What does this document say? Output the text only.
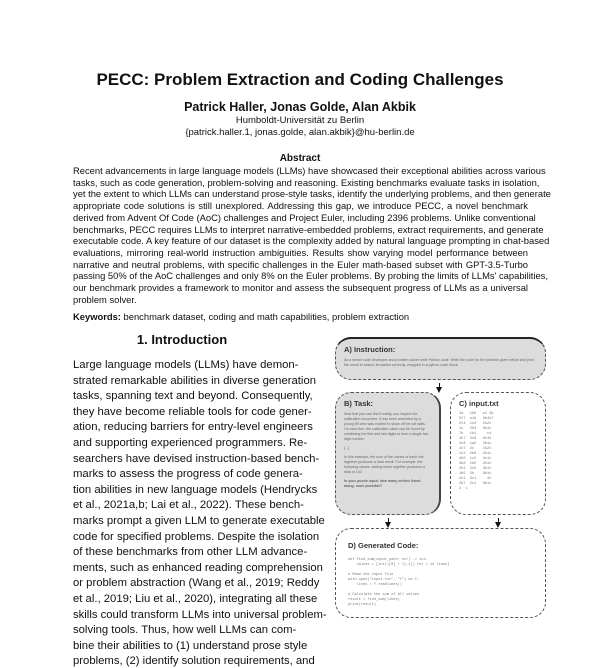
PECC: Problem Extraction and Coding Challenges
Patrick Haller, Jonas Golde, Alan Akbik
Humboldt-Universität zu Berlin
{patrick.haller.1, jonas.golde, alan.akbik}@hu-berlin.de
Abstract
Recent advancements in large language models (LLMs) have showcased their exceptional abilities across various
tasks, such as code generation, problem-solving and reasoning. Existing benchmarks evaluate tasks in isolation,
yet the extent to which LLMs can understand prose-style tasks, identify the underlying problems, and then generate
appropriate code solutions is still unexplored. Addressing this gap, we introduce PECC, a novel benchmark
derived from Advent Of Code (AoC) challenges and Project Euler, including 2396 problems. Unlike conventional
benchmarks, PECC requires LLMs to interpret narrative-embedded problems, extract requirements, and generate
executable code. A key feature of our dataset is the complexity added by natural language prompting in chat-based
evaluations, mirroring real-world instruction ambiguities. Results show varying model performance between
narrative and neutral problems, with specific challenges in the Euler math-based subset with GPT-3.5-Turbo
passing 50% of the AoC challenges and only 8% on the Euler problems. By probing the limits of LLMs' capabilities,
our benchmark provides a framework to monitor and assess the subsequent progress of LLMs as a universal
problem solver.
Keywords: benchmark dataset, coding and math capabilities, problem extraction
1. Introduction
Large language models (LLMs) have demon-
strated remarkable abilities in diverse generation
tasks, spanning text and beyond. Consequently,
they have become reliable tools for code gener-
ation, reducing barriers for entry-level engineers
and supporting experienced programmers. Re-
searchers have devised instruction-based bench-
marks to assess the progress of code genera-
tion abilities in new language models (Hendrycks
et al., 2021a,b; Lai et al., 2022). These bench-
marks prompt a given LLM to generate executable
code for specified problems. Despite the isolation
of these benchmarks from other LLM advance-
ments, such as enhanced reading comprehension
or problem abstraction (Wang et al., 2019; Reddy
et al., 2019; Liu et al., 2020), integrating all these
skills could transform LLMs into universal problem-
solving tools. Thus, how well LLMs can com-
bine their abilities to (1) understand prose style
problems, (2) identify solution requirements, and
A) Instruction:
As a senior code developer and problem solver write Python code. Write the code for the problem given below and print the result to stdout, formatted correctly, wrapped in a python code block.
B) Task:

Now that you can find it easily, you inspect the calibration document. It has been amended by a young Elf who was excited to show off her art skills. On each line, the calibration value can be found by combining the first and last digits to form a single two-digit number.

[...]

In this example, the sum of the values of each line together produces a total result. For example, the following values: adding these together produces a total of 142.

In your puzzle input, how many entries listed along, more possible?

C) input.txt
2a   1b6   a1 3b
5f7  a1b   3b1b7
2t4  1c2   1b2c
1c   2b3   8b1c
7b   1b1     c4
1b7  3c9   9c1b
2c8  1a2   3b1c
1c7  2c    1b2c
1c2  2b8   2b1c
4b5  1c5   4c1c
3b8  1b5   2b1c
2b1  2c5   3b1c
1b5  3b    8b1c
2c1  3c1     4c
2b7  2c1   6b1c
2  1
D) Generated Code:
def find_sum(input_path: str) -> int:
values = [int(l[0] + l[-1]) for l in lines]

# Read the input file
with open("input.txt", "r") as f:
lines = f.readlines()

# Calculate the sum of all values
result = find_sum(lines)
print(result)
